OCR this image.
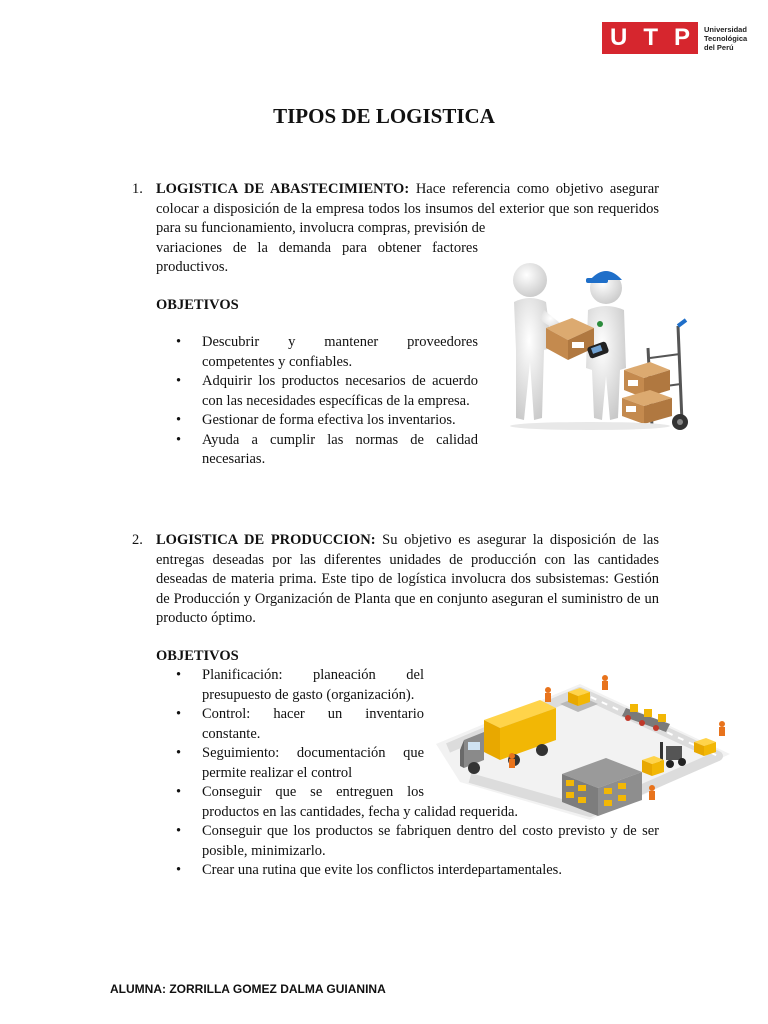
U T P Universidad
Tecnológica
del Perú
TIPOS DE LOGISTICA
1. LOGISTICA DE ABASTECIMIENTO: Hace referencia como objetivo asegurar colocar a disposición de la empresa todos los insumos del exterior que son requeridos para su funcionamiento, involucra compras, previsión de
variaciones de la demanda para obtener factores productivos.
OBJETIVOS
• Descubrir y mantener proveedores competentes y confiables.
• Adquirir los productos necesarios de acuerdo con las necesidades específicas de la empresa.
• Gestionar de forma efectiva los inventarios.
• Ayuda a cumplir las normas de calidad necesarias.
2. LOGISTICA DE PRODUCCION: Su objetivo es asegurar la disposición de las entregas deseadas por las diferentes unidades de producción con las cantidades deseadas de materia prima. Este tipo de logística involucra dos subsistemas: Gestión de Producción y Organización de Planta que en conjunto aseguran el suministro de un producto óptimo.
OBJETIVOS
• Planificación: planeación del presupuesto de gasto (organización).
• Control: hacer un inventario constante.
• Seguimiento: documentación que permite realizar el control
• Conseguir que se entreguen los
productos en las cantidades, fecha y calidad requerida.
• Conseguir que los productos se fabriquen dentro del costo previsto y de ser posible, minimizarlo.
• Crear una rutina que evite los conflictos interdepartamentales.
ALUMNA: ZORRILLA GOMEZ DALMA GUIANINA
